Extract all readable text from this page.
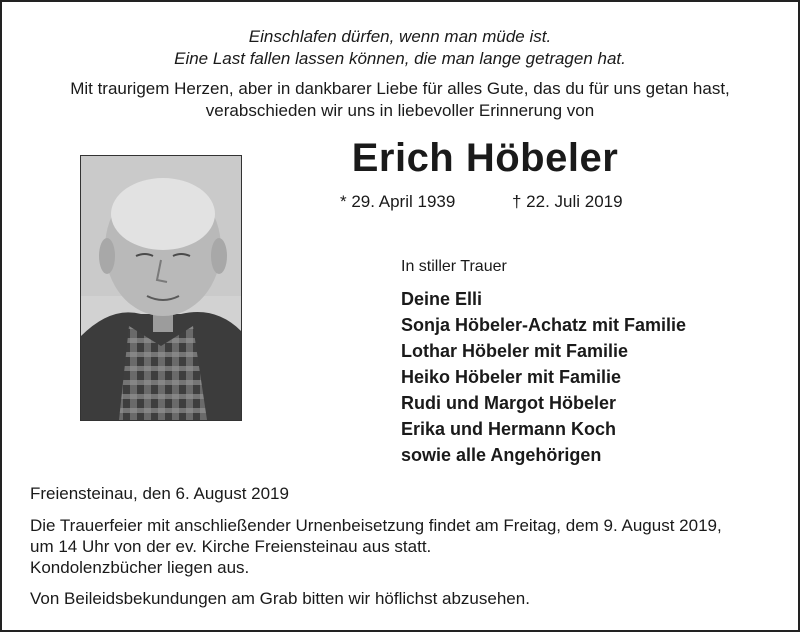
Einschlafen dürfen, wenn man müde ist.
Eine Last fallen lassen können, die man lange getragen hat.
Mit traurigem Herzen, aber in dankbarer Liebe für alles Gute, das du für uns getan hast,
verabschieden wir uns in liebevoller Erinnerung von
Erich Höbeler
* 29. April 1939	† 22. Juli 2019
In stiller Trauer
Deine Elli
Sonja Höbeler-Achatz mit Familie
Lothar Höbeler mit Familie
Heiko Höbeler mit Familie
Rudi und Margot Höbeler
Erika und Hermann Koch
sowie alle Angehörigen
Freiensteinau, den 6. August 2019
Die Trauerfeier mit anschließender Urnenbeisetzung findet am Freitag, dem 9. August 2019,
um 14 Uhr von der ev. Kirche Freiensteinau aus statt.
Kondolenzbücher liegen aus.
Von Beileidsbekundungen am Grab bitten wir höflichst abzusehen.
